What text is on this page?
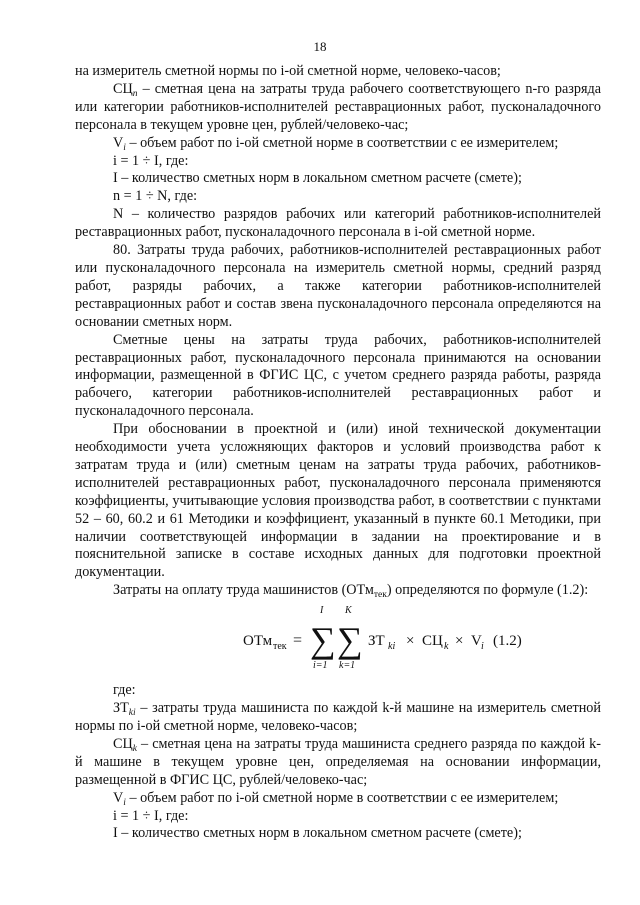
18

на измеритель сметной нормы по i-ой сметной норме, человеко-часов;

$СЦ_n$ – сметная цена на затраты труда рабочего соответствующего n-го разряда или категории работников-исполнителей реставрационных работ, пусконаладочного персонала в текущем уровне цен, рублей/человеко-час;

$V_i$ – объем работ по i-ой сметной норме в соответствии с ее измерителем;

i = 1 ÷ I, где:

I – количество сметных норм в локальном сметном расчете (смете);

n = 1 ÷ N, где:

N – количество разрядов рабочих или категорий работников-исполнителей реставрационных работ, пусконаладочного персонала в i-ой сметной норме.

80. Затраты труда рабочих, работников-исполнителей реставрационных работ или пусконаладочного персонала на измеритель сметной нормы, средний разряд работ, разряды рабочих, а также категории работников-исполнителей реставрационных работ и состав звена пусконаладочного персонала определяются на основании сметных норм.

Сметные цены на затраты труда рабочих, работников-исполнителей реставрационных работ, пусконаладочного персонала принимаются на основании информации, размещенной в ФГИС ЦС, с учетом среднего разряда работы, разряда рабочего, категории работников-исполнителей реставрационных работ и пусконаладочного персонала.

При обосновании в проектной и (или) иной технической документации необходимости учета усложняющих факторов и условий производства работ к затратам труда и (или) сметным ценам на затраты труда рабочих, работников-исполнителей реставрационных работ, пусконаладочного персонала применяются коэффициенты, учитывающие условия производства работ, в соответствии с пунктами 52 – 60, 60.2 и 61 Методики и коэффициент, указанный в пункте 60.1 Методики, при наличии соответствующей информации в задании на проектирование и в пояснительной записке в составе исходных данных для подготовки проектной документации.

Затраты на оплату труда машинистов (ОТм$_{тек}$) определяются по формуле (1.2):

ОТм тек = ∑
I
i=1
∑
K
k=1
ЗТ ki × СЦ k × V i (1.2)

где:

$ЗТ_{ki}$ – затраты труда машиниста по каждой k-й машине на измеритель сметной нормы по i-ой сметной норме, человеко-часов;

$СЦ_k$ – сметная цена на затраты труда машиниста среднего разряда по каждой k-й машине в текущем уровне цен, определяемая на основании информации, размещенной в ФГИС ЦС, рублей/человеко-час;

$V_i$ – объем работ по i-ой сметной норме в соответствии с ее измерителем;

i = 1 ÷ I, где:

I – количество сметных норм в локальном сметном расчете (смете);
